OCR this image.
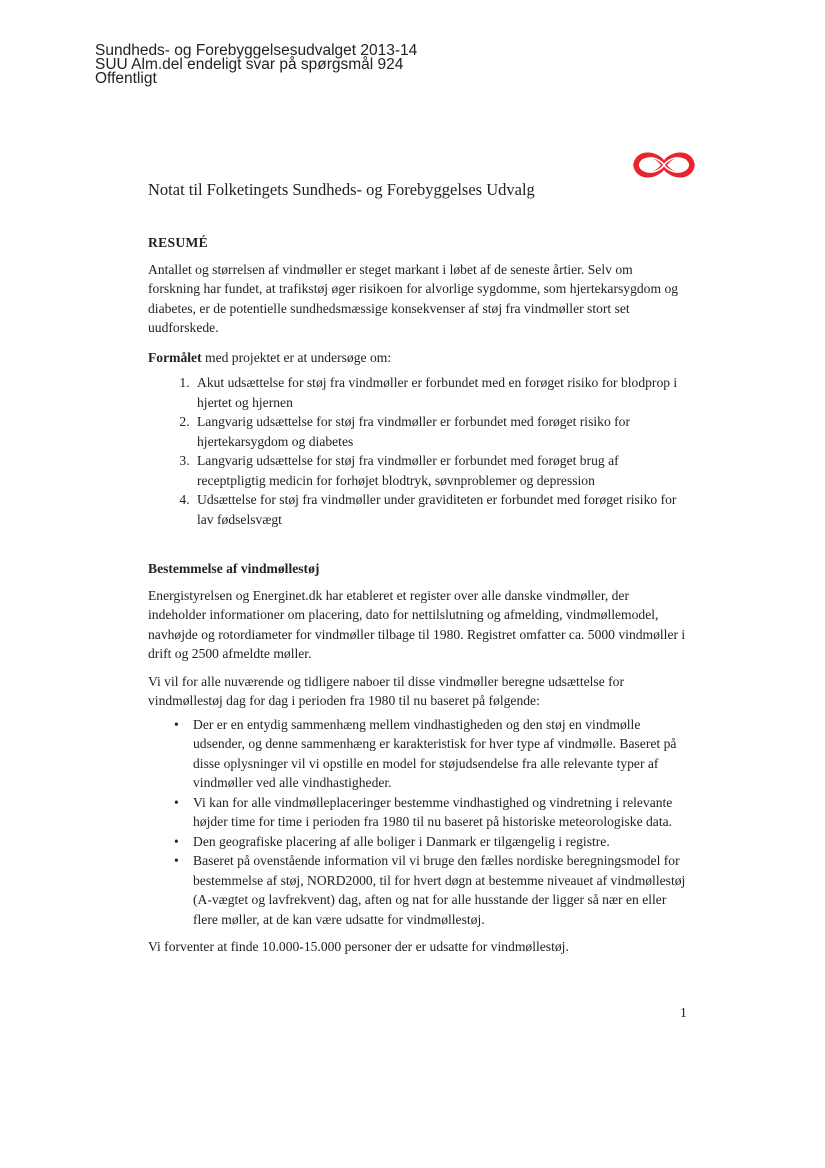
Sundheds- og Forebyggelsesudvalget 2013-14
SUU Alm.del endeligt svar på spørgsmål 924
Offentligt
Notat til Folketingets Sundheds- og Forebyggelses Udvalg
RESUMÉ

Antallet og størrelsen af vindmøller er steget markant i løbet af de seneste årtier. Selv om forskning har fundet, at trafikstøj øger risikoen for alvorlige sygdomme, som hjertekarsygdom og diabetes, er de potentielle sundhedsmæssige konsekvenser af støj fra vindmøller stort set uudforskede.

Formålet med projektet er at undersøge om:

1. Akut udsættelse for støj fra vindmøller er forbundet med en forøget risiko for blodprop i hjertet og hjernen
2. Langvarig udsættelse for støj fra vindmøller er forbundet med forøget risiko for hjertekarsygdom og diabetes
3. Langvarig udsættelse for støj fra vindmøller er forbundet med forøget brug af receptpligtig medicin for forhøjet blodtryk, søvnproblemer og depression
4. Udsættelse for støj fra vindmøller under graviditeten er forbundet med forøget risiko for lav fødselsvægt
Bestemmelse af vindmøllestøj

Energistyrelsen og Energinet.dk har etableret et register over alle danske vindmøller, der indeholder informationer om placering, dato for nettilslutning og afmelding, vindmøllemodel, navhøjde og rotordiameter for vindmøller tilbage til 1980. Registret omfatter ca. 5000 vindmøller i drift og 2500 afmeldte møller.

Vi vil for alle nuværende og tidligere naboer til disse vindmøller beregne udsættelse for vindmøllestøj dag for dag i perioden fra 1980 til nu baseret på følgende:

• Der er en entydig sammenhæng mellem vindhastigheden og den støj en vindmølle udsender, og denne sammenhæng er karakteristisk for hver type af vindmølle. Baseret på disse oplysninger vil vi opstille en model for støjudsendelse fra alle relevante typer af vindmøller ved alle vindhastigheder.
• Vi kan for alle vindmølleplaceringer bestemme vindhastighed og vindretning i relevante højder time for time i perioden fra 1980 til nu baseret på historiske meteorologiske data.
• Den geografiske placering af alle boliger i Danmark er tilgængelig i registre.
• Baseret på ovenstående information vil vi bruge den fælles nordiske beregningsmodel for bestemmelse af støj, NORD2000, til for hvert døgn at bestemme niveauet af vindmøllestøj (A-vægtet og lavfrekvent) dag, aften og nat for alle husstande der ligger så nær en eller flere møller, at de kan være udsatte for vindmøllestøj.

Vi forventer at finde 10.000-15.000 personer der er udsatte for vindmøllestøj.

1
